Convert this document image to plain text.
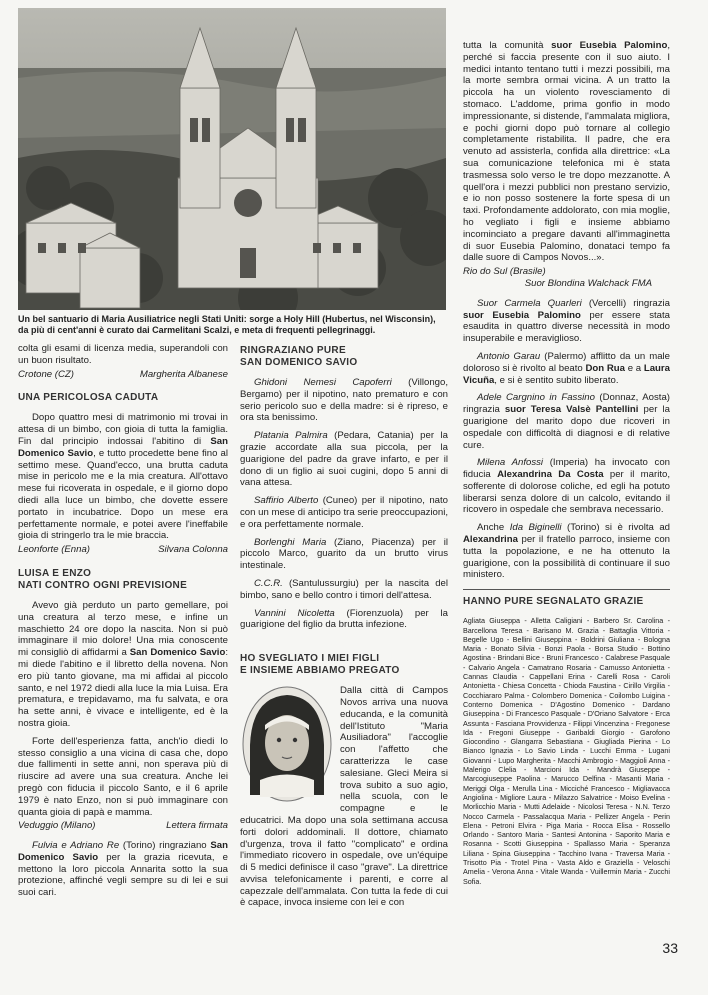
Un bel santuario di Maria Ausiliatrice negli Stati Uniti: sorge a Holy Hill (Hubertus, nel Wisconsin), da più di cent'anni è curato dai Carmelitani Scalzi, e meta di frequenti pellegrinaggi.

colta gli esami di licenza media, superandoli con un buon risultato.

Crotone (CZ)	Margherita Albanese
UNA PERICOLOSA CADUTA

Dopo quattro mesi di matrimonio mi trovai in attesa di un bimbo, con gioia di tutta la famiglia. Fin dal principio indossai l'abitino di San Domenico Savio, e tutto procedette bene fino al settimo mese. Quand'ecco, una brutta caduta mise in pericolo me e la mia creatura. All'ottavo mese fui ricoverata in ospedale, e il giorno dopo diedi alla luce un bimbo, che dovette essere portato in incubatrice. Dopo un mese era perfettamente normale, e potei avere l'ineffabile gioia di stringerlo tra le mie braccia.

Leonforte (Enna)	Silvana Colonna
LUISA E ENZO
NATI CONTRO OGNI PREVISIONE

Avevo già perduto un parto gemellare, poi una creatura al terzo mese, e infine un maschietto 24 ore dopo la nascita. Non si può immaginare il mio dolore! Una mia conoscente mi consigliò di affidarmi a San Domenico Savio: mi diede l'abitino e il libretto della novena. Non ero più tanto giovane, ma mi affidai al piccolo santo, e nel 1972 diedi alla luce la mia Luisa. Era prematura, e trepidavamo, ma fu salvata, e ora ha sette anni, è vivace e intelligente, ed è la nostra gioia.

Forte dell'esperienza fatta, anch'io diedi lo stesso consiglio a una vicina di casa che, dopo due fallimenti in sette anni, non sperava più di riuscire ad avere una sua creatura. Anche lei pregò con fiducia il piccolo Santo, e il 6 aprile 1979 è nato Enzo, non si può immaginare con quanta gioia di papà e mamma.

Veduggio (Milano)	Lettera firmata

Fulvia e Adriano Re (Torino) ringraziano San Domenico Savio per la grazia ricevuta, e mettono la loro piccola Annarita sotto la sua protezione, affinché vegli sempre su di lei e sui suoi cari.

RINGRAZIANO PURE
SAN DOMENICO SAVIO

Ghidoni Nemesi Capoferri (Villongo, Bergamo) per il nipotino, nato prematuro e con serio pericolo suo e della madre: si è ripreso, e ora sta benissimo.

Platania Palmira (Pedara, Catania) per la grazie accordate alla sua piccola, per la guarigione del padre da grave infarto, e per il dono di un figlio ai suoi cugini, dopo 5 anni di vana attesa.

Saffirio Alberto (Cuneo) per il nipotino, nato con un mese di anticipo tra serie preoccupazioni, e ora perfettamente normale.

Borlenghi Maria (Ziano, Piacenza) per il piccolo Marco, guarito da un brutto virus intestinale.

C.C.R. (Santulussurgiu) per la nascita del bimbo, sano e bello contro i timori dell'attesa.

Vannini Nicoletta (Fiorenzuola) per la guarigione del figlio da brutta infezione.

HO SVEGLIATO I MIEI FIGLI
E INSIEME ABBIAMO PREGATO

Dalla città di Campos Novos arriva una nuova educanda, e la comunità dell'Istituto "Maria Ausiliadora" l'accoglie con l'affetto che caratterizza le case salesiane. Gleci Meira si trova subito a suo agio, nella scuola, con le compagne e le educatrici. Ma dopo una sola settimana accusa forti dolori addominali. Il dottore, chiamato d'urgenza, trova il fatto "complicato" e ordina l'immediato ricovero in ospedale, ove un'équipe di 5 medici definisce il caso "grave". La direttrice avvisa telefonicamente i parenti, e corre al capezzale dell'ammalata. Con tutta la fede di cui è capace, invoca insieme con lei e con

tutta la comunità suor Eusebia Palomino, perché si faccia presente con il suo aiuto. I medici intanto tentano tutti i mezzi possibili, ma la morte sembra ormai vicina. A un tratto la piccola ha un violento rovesciamento di stomaco. L'addome, prima gonfio in modo impressionante, si distende, l'ammalata migliora, e pochi giorni dopo può tornare al collegio completamente ristabilita. Il padre, che era venuto ad assisterla, confida alla direttrice: «La sua comunicazione telefonica mi è stata trasmessa solo verso le tre dopo mezzanotte. A quell'ora i mezzi pubblici non prestano servizio, e io non posso sostenere la forte spesa di un taxi. Profondamente addolorato, con mia moglie, ho vegliato i figli e insieme abbiamo incominciato a pregare davanti all'immaginetta di suor Eusebia Palomino, donataci tempo fa dalle suore di Campos Novos...».

Rio do Sul (Brasile)
Suor Blondina Walchack FMA

Suor Carmela Quarleri (Vercelli) ringrazia suor Eusebia Palomino per essere stata esaudita in quattro diverse necessità in modo insuperabile e meraviglioso.

Antonio Garau (Palermo) afflitto da un male doloroso si è rivolto al beato Don Rua e a Laura Vicuña, e si è sentito subito liberato.

Adele Cargnino in Fassino (Donnaz, Aosta) ringrazia suor Teresa Valsè Pantellini per la guarigione del marito dopo due ricoveri in ospedale con difficoltà di diagnosi e di relative cure.

Milena Anfossi (Imperia) ha invocato con fiducia Alexandrina Da Costa per il marito, sofferente di dolorose coliche, ed egli ha potuto liberarsi senza dolore di un calcolo, evitando il ricovero in ospedale che sembrava necessario.

Anche Ida Biginelli (Torino) si è rivolta ad Alexandrina per il fratello parroco, insieme con tutta la popolazione, e ne ha ottenuto la guarigione, con la possibilità di continuare il suo ministero.

HANNO PURE SEGNALATO GRAZIE
Agliata Giuseppa - Alletta Caligiani - Barbero Sr. Carolina - Barcellona Teresa - Barisano M. Grazia - Battaglia Vittoria - Begelle Ugo - Bellini Giuseppina - Boldrini Giuliana - Bologna Maria - Bonato Silvia - Bonzi Paola - Borsa Studio - Bottino Agostina - Brindani Bice - Bruni Francesco - Calabrese Pasquale - Calvario Angela - Camatrano Rosaria - Camusso Antonietta - Cannas Claudia - Cappellani Erina - Carelli Rosa - Caroli Antonietta - Chiesa Concetta - Chioda Faustina - Cirillo Virgilia - Cocchiararo Palma - Colombero Domenica - Coilombo Luigina - Conterno Domenica - D'Agostino Domenico - Dardano Giuseppina - Di Francesco Pasquale - D'Oriano Salvatore - Erca Assunta - Fasciana Provvidenza - Filippi Vincenzina - Fregonese Ida - Fregoni Giuseppe - Garibaldi Giorgio - Garofono Giocondino - Glangarra Sebastiana - Giugliada Pierina - Lo Bianco Ignazia - Lo Savio Linda - Lucchi Emma - Lugani Giovanni - Lupo Margherita - Macchi Ambrogio - Maggioli Anna - Malerigo Clelia - Marcioni Ida - Mandrà Giuseppe - Marcogiuseppe Paolina - Marucco Delfina - Masanti Maria - Meriggi Olga - Merulla Lina - Micciché Francesco - Migliavacca Angiolina - Migliore Laura - Milazzo Salvatrice - Moiso Evelina - Morlicchio Maria - Mutti Adelaide - Nicolosi Teresa - N.N. Terzo Nocco Carmela - Passalacqua Maria - Pellizer Angela - Perin Elena - Petroni Elvira - Piga Maria - Rocca Elisa - Rossello Orlando - Santoro Maria - Santesi Antonina - Saporito Maria e Rosanna - Scotti Giuseppina - Spallasso Maria - Speranza Liliana - Spina Giuseppina - Tacchino Ivana - Traversa Maria - Trisotto Pia - Trotel Pina - Vasta Aldo e Graziella - Veloschi Amelia - Verona Anna - Vitale Wanda - Vuillermin Maria - Zucchi Sofia.
33
